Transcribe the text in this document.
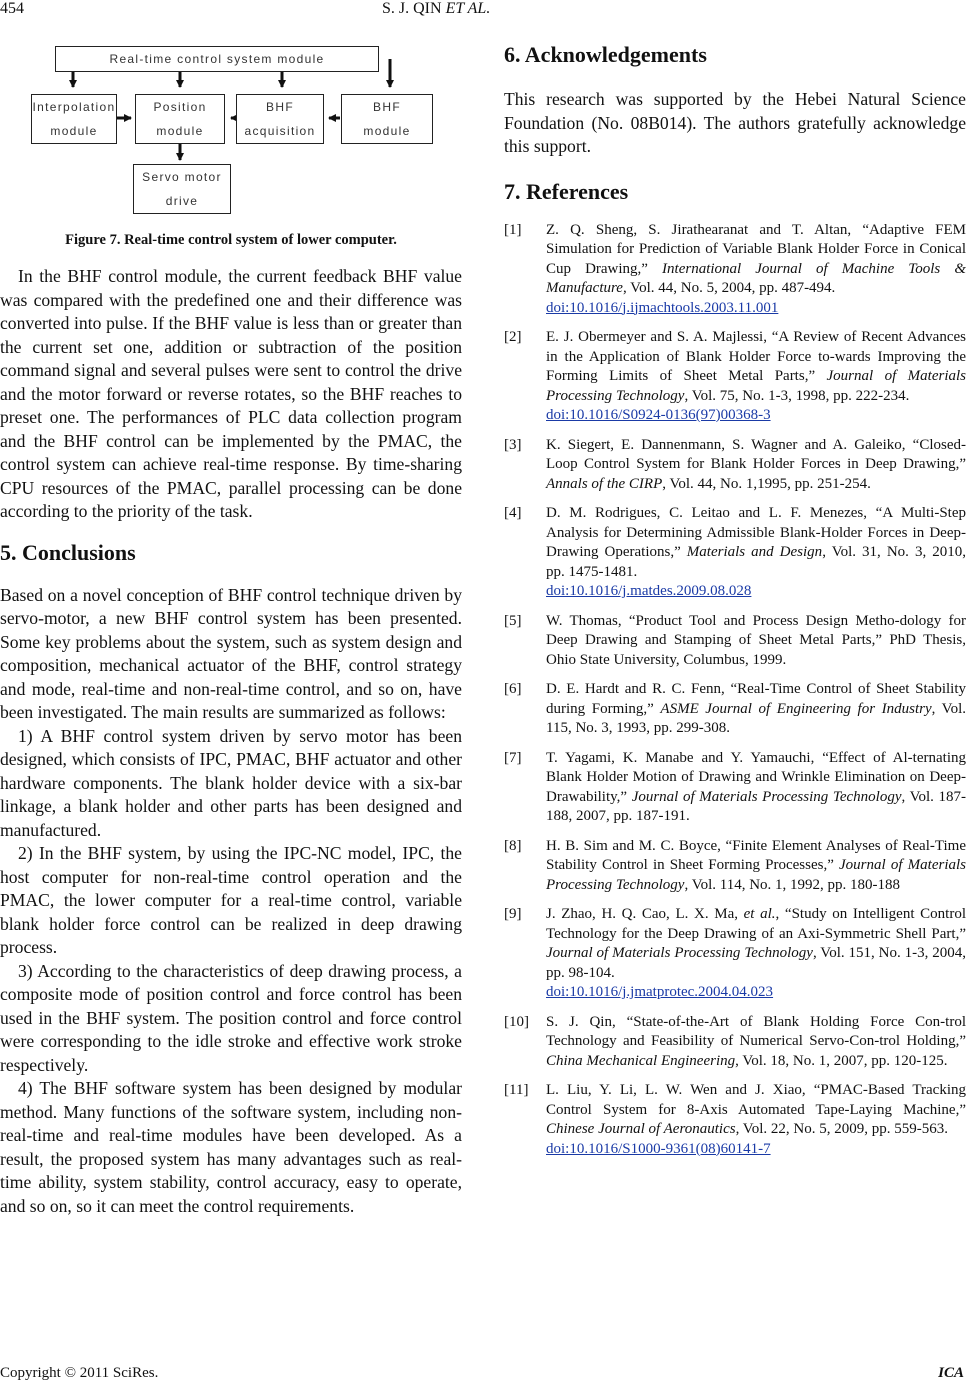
454	S. J. QIN ET AL.
Real-time control system module
Interpolation
module
Position
module
BHF
acquisition
BHF
module
Servo motor
drive
Figure 7. Real-time control system of lower computer.

In the BHF control module, the current feedback BHF value was compared with the predefined one and their difference was converted into pulse. If the BHF value is less than or greater than the current set one, addition or subtraction of the position command signal and several pulses were sent to control the drive and the motor forward or reverse rotates, so the BHF reaches to preset one. The performances of PLC data collection program and the BHF control can be implemented by the PMAC, the control system can achieve real-time response. By time-sharing CPU resources of the PMAC, parallel processing can be done according to the priority of the task.

5. Conclusions

Based on a novel conception of BHF control technique driven by servo-motor, a new BHF control system has been presented. Some key problems about the system, such as system design and composition, mechanical actuator of the BHF, control strategy and mode, real-time and non-real-time control, and so on, have been investigated. The main results are summarized as follows:

1) A BHF control system driven by servo motor has been designed, which consists of IPC, PMAC, BHF actuator and other hardware components. The blank holder device with a six-bar linkage, a blank holder and other parts has been designed and manufactured.

2) In the BHF system, by using the IPC-NC model, IPC, the host computer for non-real-time control operation and the PMAC, the lower computer for a real-time control, variable blank holder force control can be realized in deep drawing process.

3) According to the characteristics of deep drawing process, a composite mode of position control and force control has been used in the BHF system. The position control and force control were corresponding to the idle stroke and effective work stroke respectively.

4) The BHF software system has been designed by modular method. Many functions of the software system, including non-real-time and real-time modules have been developed. As a result, the proposed system has many advantages such as real-time ability, system stability, control accuracy, easy to operate, and so on, so it can meet the control requirements.

6. Acknowledgements

This research was supported by the Hebei Natural Science Foundation (No. 08B014). The authors gratefully acknowledge this support.

7. References

[1] Z. Q. Sheng, S. Jirathearanat and T. Altan, “Adaptive FEM Simulation for Prediction of Variable Blank Holder Force in Conical Cup Drawing,” International Journal of Machine Tools & Manufacture, Vol. 44, No. 5, 2004, pp. 487-494.
doi:10.1016/j.ijmachtools.2003.11.001

[2] E. J. Obermeyer and S. A. Majlessi, “A Review of Recent Advances in the Application of Blank Holder Force to-wards Improving the Forming Limits of Sheet Metal Parts,” Journal of Materials Processing Technology, Vol. 75, No. 1-3, 1998, pp. 222-234.
doi:10.1016/S0924-0136(97)00368-3

[3] K. Siegert, E. Dannenmann, S. Wagner and A. Galeiko, “Closed-Loop Control System for Blank Holder Forces in Deep Drawing,” Annals of the CIRP, Vol. 44, No. 1,1995, pp. 251-254.

[4] D. M. Rodrigues, C. Leitao and L. F. Menezes, “A Multi-Step Analysis for Determining Admissible Blank-Holder Forces in Deep-Drawing Operations,” Materials and Design, Vol. 31, No. 3, 2010, pp. 1475-1481.
doi:10.1016/j.matdes.2009.08.028

[5] W. Thomas, “Product Tool and Process Design Metho-dology for Deep Drawing and Stamping of Sheet Metal Parts,” PhD Thesis, Ohio State University, Columbus, 1999.

[6] D. E. Hardt and R. C. Fenn, “Real-Time Control of Sheet Stability during Forming,” ASME Journal of Engineering for Industry, Vol. 115, No. 3, 1993, pp. 299-308.

[7] T. Yagami, K. Manabe and Y. Yamauchi, “Effect of Al-ternating Blank Holder Motion of Drawing and Wrinkle Elimination on Deep-Drawability,” Journal of Materials Processing Technology, Vol. 187-188, 2007, pp. 187-191.

[8] H. B. Sim and M. C. Boyce, “Finite Element Analyses of Real-Time Stability Control in Sheet Forming Processes,” Journal of Materials Processing Technology, Vol. 114, No. 1, 1992, pp. 180-188

[9] J. Zhao, H. Q. Cao, L. X. Ma, et al., “Study on Intelligent Control Technology for the Deep Drawing of an Axi-Symmetric Shell Part,” Journal of Materials Processing Technology, Vol. 151, No. 1-3, 2004, pp. 98-104.
doi:10.1016/j.jmatprotec.2004.04.023

[10] S. J. Qin, “State-of-the-Art of Blank Holding Force Con-trol Technology and Feasibility of Numerical Servo-Con-trol Holding,” China Mechanical Engineering, Vol. 18, No. 1, 2007, pp. 120-125.

[11] L. Liu, Y. Li, L. W. Wen and J. Xiao, “PMAC-Based Tracking Control System for 8-Axis Automated Tape-Laying Machine,” Chinese Journal of Aeronautics, Vol. 22, No. 5, 2009, pp. 559-563.
doi:10.1016/S1000-9361(08)60141-7

Copyright © 2011 SciRes.	ICA
